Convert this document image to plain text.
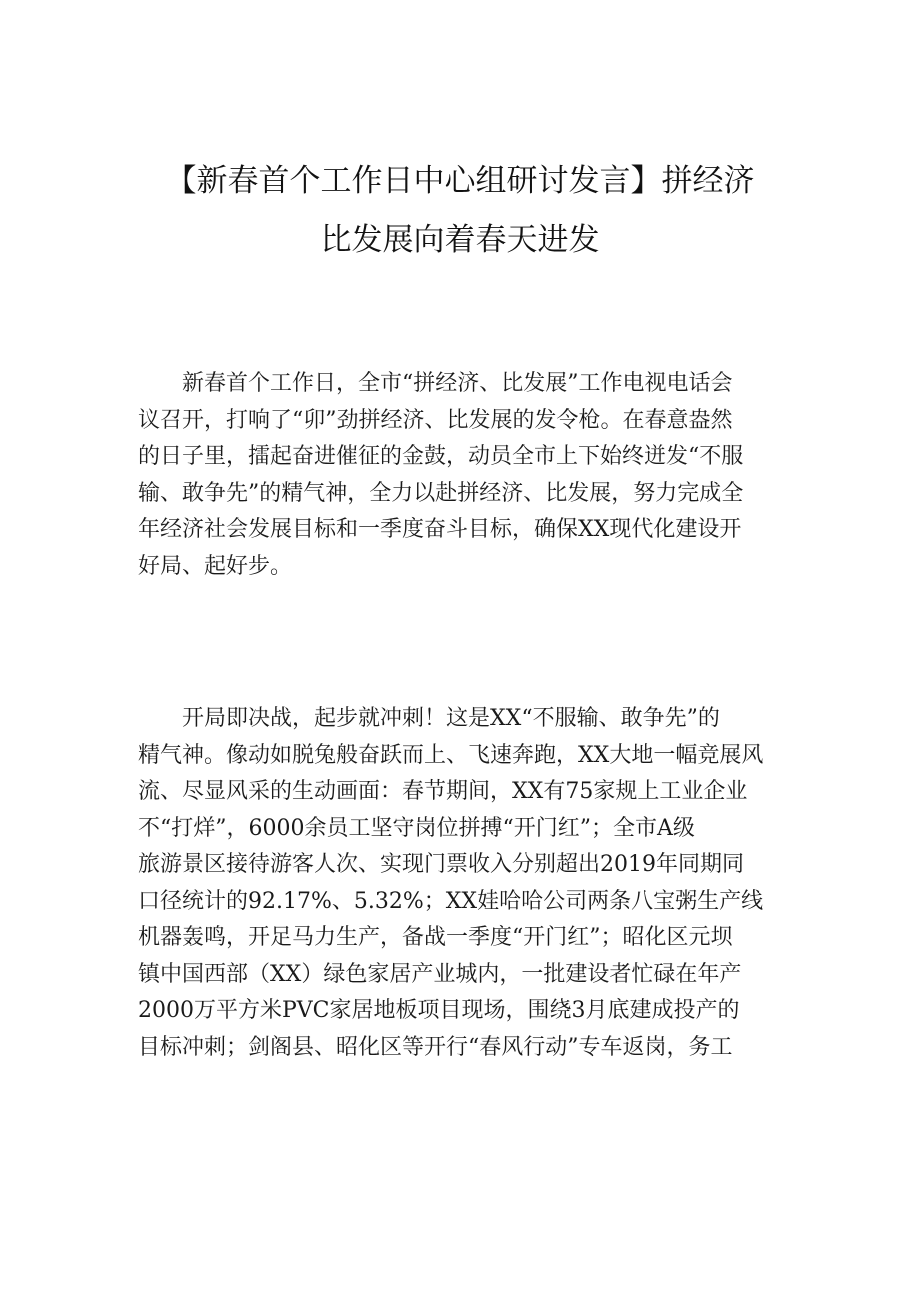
【新春首个工作日中心组研讨发言】拼经济
比发展向着春天进发

　　新春首个工作日，全市“拼经济、比发展”工作电视电话会
议召开，打响了“卯”劲拼经济、比发展的发令枪。在春意盎然
的日子里，擂起奋进催征的金鼓，动员全市上下始终迸发“不服
输、敢争先”的精气神，全力以赴拼经济、比发展，努力完成全
年经济社会发展目标和一季度奋斗目标，确保XX现代化建设开
好局、起好步。

　　开局即决战，起步就冲刺！这是XX“不服输、敢争先”的
精气神。像动如脱兔般奋跃而上、飞速奔跑，XX大地一幅竞展风
流、尽显风采的生动画面：春节期间，XX有75家规上工业企业
不“打烊”，6000余员工坚守岗位拼搏“开门红”；全市A级
旅游景区接待游客人次、实现门票收入分别超出2019年同期同
口径统计的92.17%、5.32%；XX娃哈哈公司两条八宝粥生产线
机器轰鸣，开足马力生产，备战一季度“开门红”；昭化区元坝
镇中国西部（XX）绿色家居产业城内，一批建设者忙碌在年产
2000万平方米PVC家居地板项目现场，围绕3月底建成投产的
目标冲刺；剑阁县、昭化区等开行“春风行动”专车返岗，务工
